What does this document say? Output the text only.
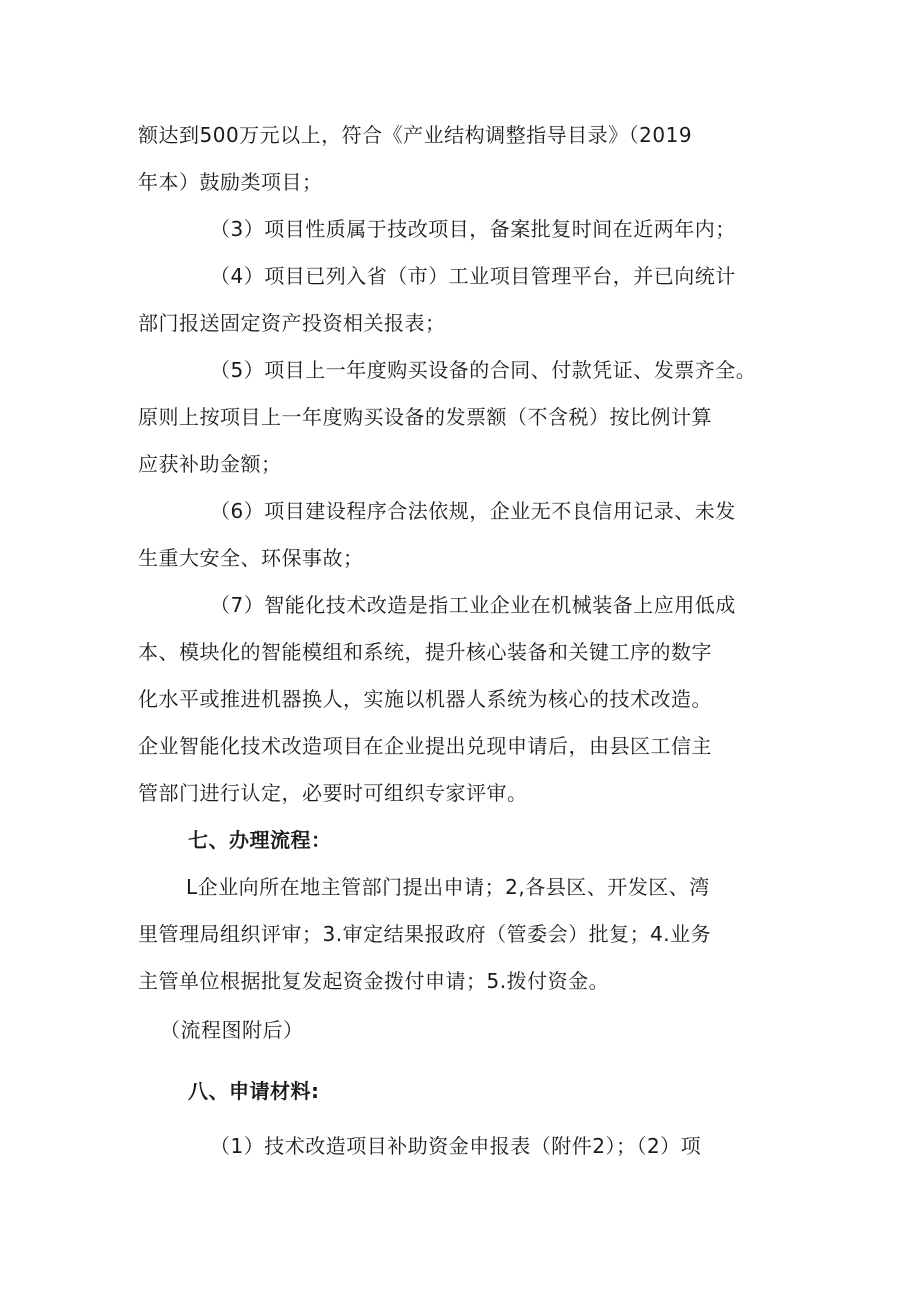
额达到500万元以上，符合《产业结构调整指导目录》（2019
年本）鼓励类项目；
（3）项目性质属于技改项目，备案批复时间在近两年内；
（4）项目已列入省（市）工业项目管理平台，并已向统计
部门报送固定资产投资相关报表；
（5）项目上一年度购买设备的合同、付款凭证、发票齐全。
原则上按项目上一年度购买设备的发票额（不含税）按比例计算
应获补助金额；
（6）项目建设程序合法依规，企业无不良信用记录、未发
生重大安全、环保事故；
（7）智能化技术改造是指工业企业在机械装备上应用低成
本、模块化的智能模组和系统，提升核心装备和关键工序的数字
化水平或推进机器换人，实施以机器人系统为核心的技术改造。
企业智能化技术改造项目在企业提出兑现申请后，由县区工信主
管部门进行认定，必要时可组织专家评审。
七、办理流程：
L企业向所在地主管部门提出申请；2,各县区、开发区、湾
里管理局组织评审；3.审定结果报政府（管委会）批复；4.业务
主管单位根据批复发起资金拨付申请；5.拨付资金。
（流程图附后）
八、申请材料:
（1）技术改造项目补助资金申报表（附件2）；（2）项
